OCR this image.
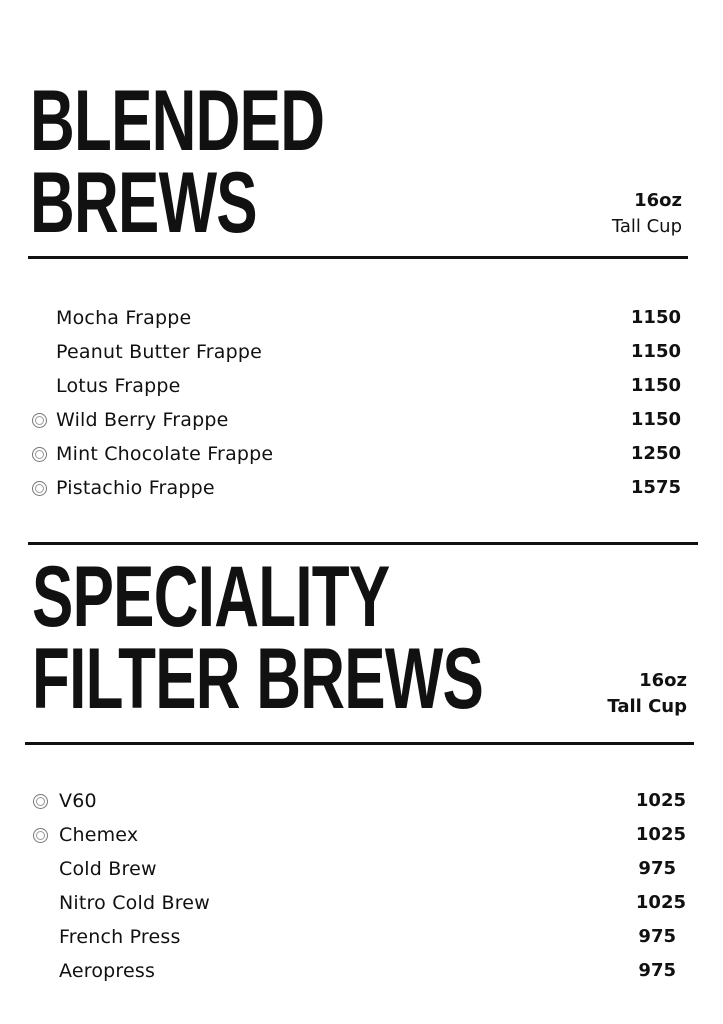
BLENDED
BREWS	16oz
Tall Cup
Mocha Frappe	1150
Peanut Butter Frappe	1150
Lotus Frappe	1150
Wild Berry Frappe	1150
Mint Chocolate Frappe	1250
Pistachio Frappe	1575
SPECIALITY
FILTER BREWS	16oz
Tall Cup
V60	1025
Chemex	1025
Cold Brew	975
Nitro Cold Brew	1025
French Press	975
Aeropress	975
